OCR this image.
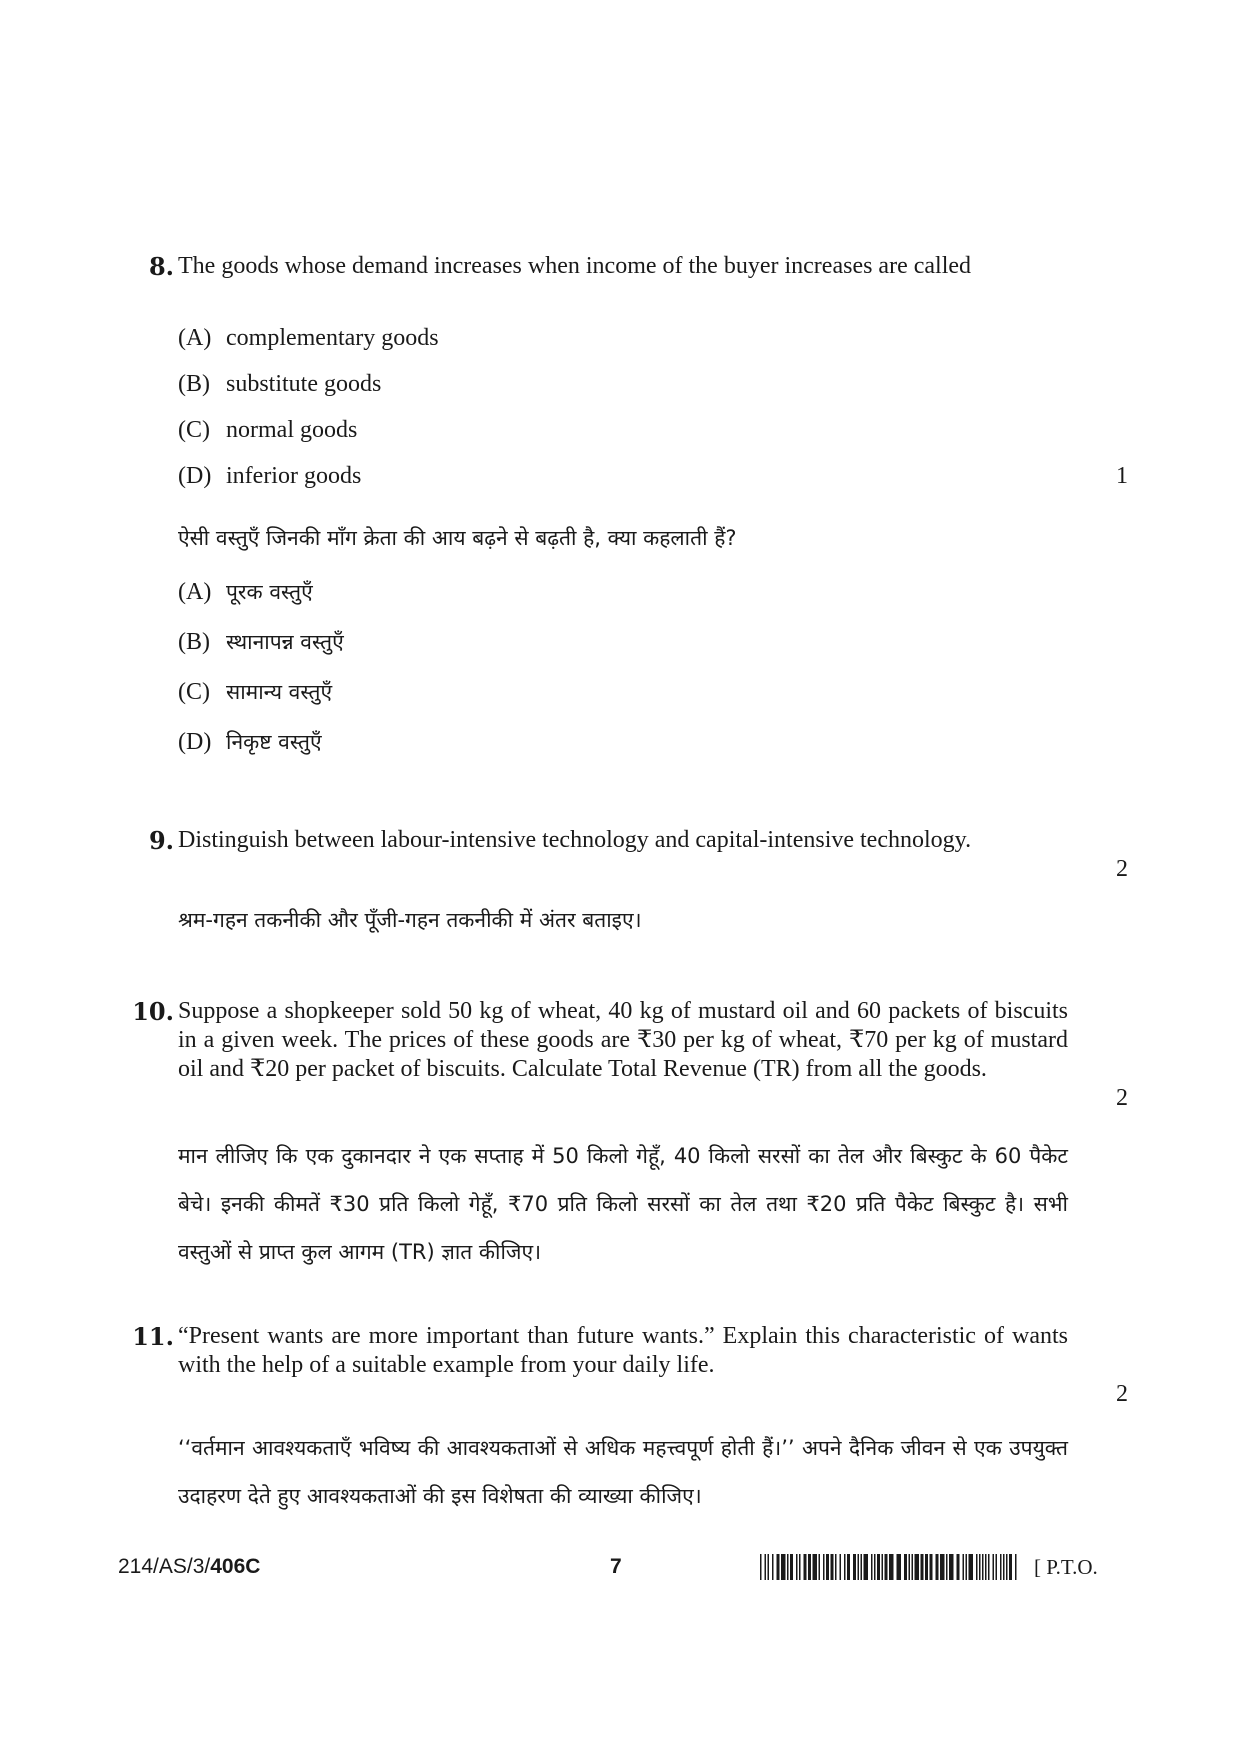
8. The goods whose demand increases when income of the buyer increases are called

(A) complementary goods
(B) substitute goods
(C) normal goods
(D) inferior goods	1

ऐसी वस्तुएँ जिनकी माँग क्रेता की आय बढ़ने से बढ़ती है, क्या कहलाती हैं?

(A) पूरक वस्तुएँ
(B) स्थानापन्न वस्तुएँ
(C) सामान्य वस्तुएँ
(D) निकृष्ट वस्तुएँ
9. Distinguish between labour-intensive technology and capital-intensive technology.

2

श्रम-गहन तकनीकी और पूँजी-गहन तकनीकी में अंतर बताइए।

10. Suppose a shopkeeper sold 50 kg of wheat, 40 kg of mustard oil and 60 packets of biscuits in a given week. The prices of these goods are ₹30 per kg of wheat, ₹70 per kg of mustard oil and ₹20 per packet of biscuits. Calculate Total Revenue (TR) from all the goods.

2

मान लीजिए कि एक दुकानदार ने एक सप्ताह में 50 किलो गेहूँ, 40 किलो सरसों का तेल और बिस्कुट के 60 पैकेट बेचे। इनकी कीमतें ₹30 प्रति किलो गेहूँ, ₹70 प्रति किलो सरसों का तेल तथा ₹20 प्रति पैकेट बिस्कुट है। सभी वस्तुओं से प्राप्त कुल आगम (TR) ज्ञात कीजिए।

11. “Present wants are more important than future wants.” Explain this characteristic of wants with the help of a suitable example from your daily life.

2

‘‘वर्तमान आवश्यकताएँ भविष्य की आवश्यकताओं से अधिक महत्त्वपूर्ण होती हैं।’’ अपने दैनिक जीवन से एक उपयुक्त उदाहरण देते हुए आवश्यकताओं की इस विशेषता की व्याख्या कीजिए।

214/AS/3/406C	7	[ P.T.O.
